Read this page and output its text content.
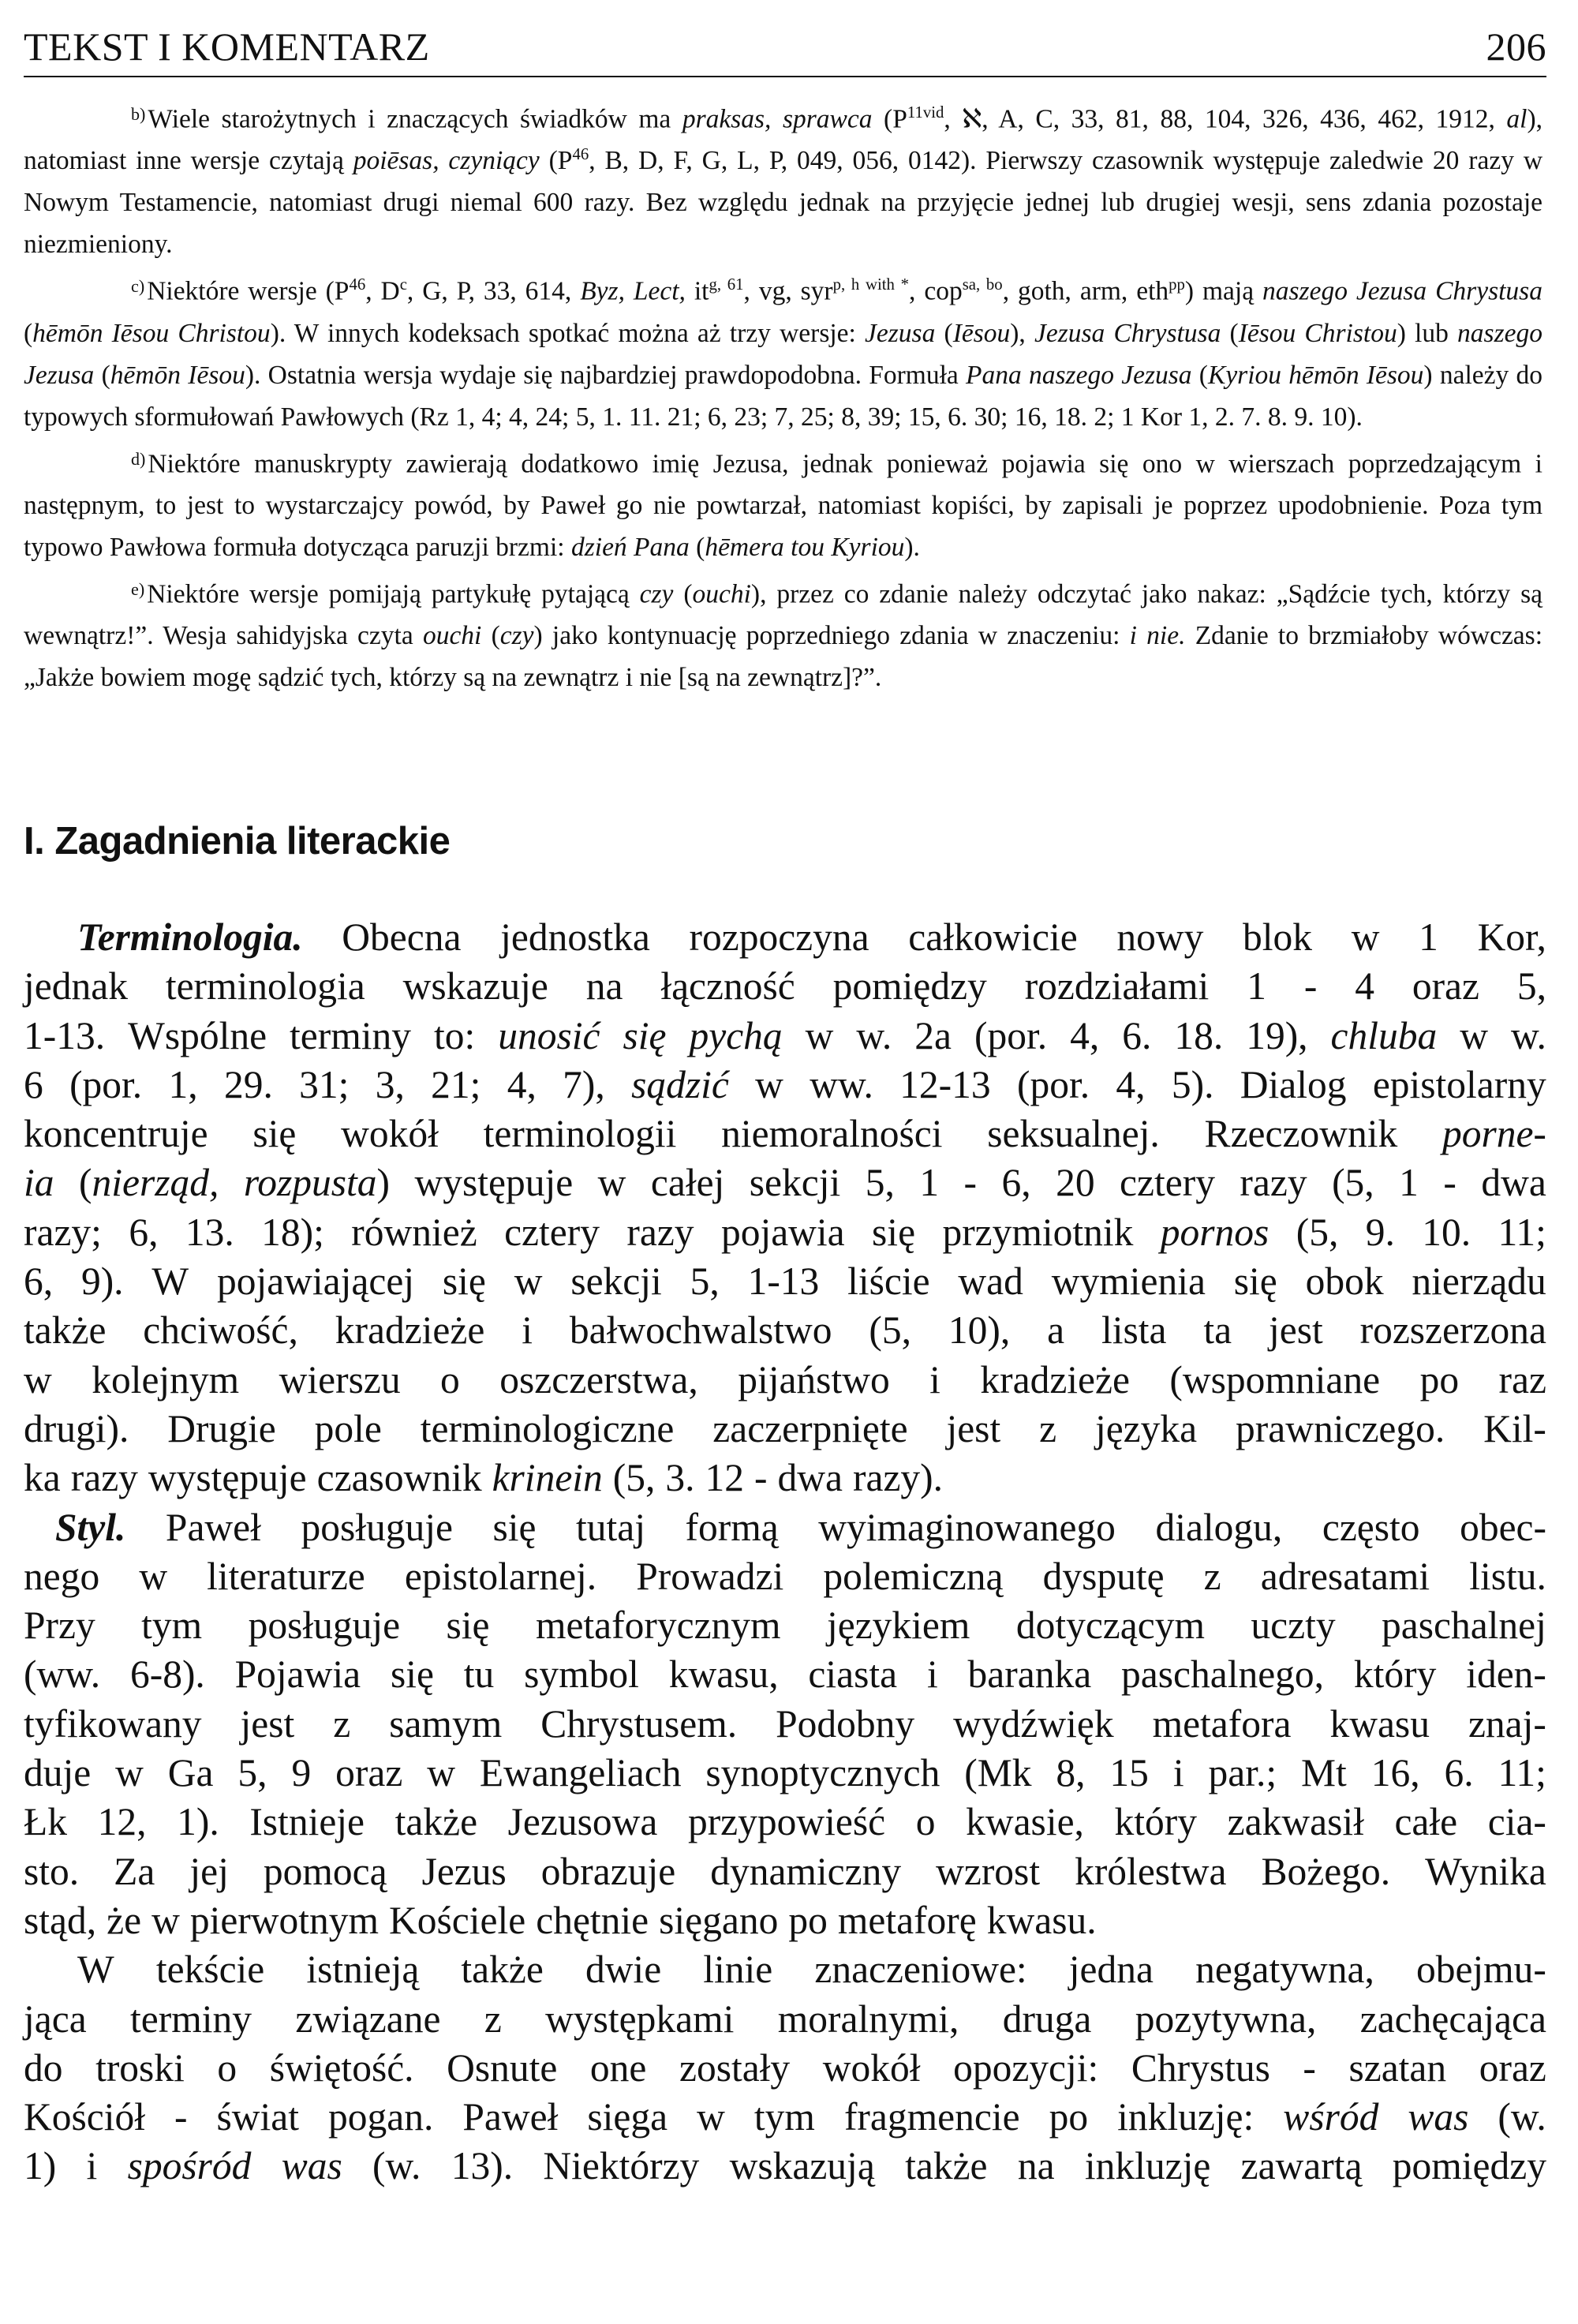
TEKST I KOMENTARZ	206

b)Wiele starożytnych i znaczących świadków ma praksas, sprawca ($P^{11vid}$, ℵ, A, C, 33, 81, 88, 104, 326, 436, 462, 1912, al), natomiast inne wersje czytają poiēsas, czyniący ($P^{46}$, B, D, F, G, L, P, 049, 056, 0142). Pierwszy czasownik występuje zaledwie 20 razy w Nowym Testamencie, natomiast drugi niemal 600 razy. Bez względu jednak na przyjęcie jednej lub drugiej wesji, sens zdania pozostaje niezmieniony.

c)Niektóre wersje ($P^{46}$, $D^c$, G, P, 33, 614, Byz, Lect, it$^{g, 61}$, vg, syr$^{p, h with *}$, cop$^{sa, bo}$, goth, arm, eth$^{pp}$) mają naszego Jezusa Chrystusa (hēmōn Iēsou Christou). W innych kodeksach spotkać można aż trzy wersje: Jezusa (Iēsou), Jezusa Chrystusa (Iēsou Christou) lub naszego Jezusa (hēmōn Iēsou). Ostatnia wersja wydaje się najbardziej prawdopodobna. Formuła Pana naszego Jezusa (Kyriou hēmōn Iēsou) należy do typowych sformułowań Pawłowych (Rz 1, 4; 4, 24; 5, 1. 11. 21; 6, 23; 7, 25; 8, 39; 15, 6. 30; 16, 18. 2; 1 Kor 1, 2. 7. 8. 9. 10).

d)Niektóre manuskrypty zawierają dodatkowo imię Jezusa, jednak ponieważ pojawia się ono w wierszach poprzedzającym i następnym, to jest to wystarczajcy powód, by Paweł go nie powtarzał, natomiast kopiści, by zapisali je poprzez upodobnienie. Poza tym typowo Pawłowa formuła dotycząca paruzji brzmi: dzień Pana (hēmera tou Kyriou).

e)Niektóre wersje pomijają partykułę pytającą czy (ouchi), przez co zdanie należy odczytać jako nakaz: „Sądźcie tych, którzy są wewnątrz!”. Wesja sahidyjska czyta ouchi (czy) jako kontynuację poprzedniego zdania w znaczeniu: i nie. Zdanie to brzmiałoby wówczas: „Jakże bowiem mogę sądzić tych, którzy są na zewnątrz i nie [są na zewnątrz]?”.

I. Zagadnienia literackie
Terminologia. Obecna jednostka rozpoczyna całkowicie nowy blok w 1 Kor,
jednak terminologia wskazuje na łączność pomiędzy rozdziałami 1 - 4 oraz 5,
1-13. Wspólne terminy to: unosić się pychą w w. 2a (por. 4, 6. 18. 19), chluba w w.
6 (por. 1, 29. 31; 3, 21; 4, 7), sądzić w ww. 12-13 (por. 4, 5). Dialog epistolarny
koncentruje się wokół terminologii niemoralności seksualnej. Rzeczownik porne-
ia (nierząd, rozpusta) występuje w całej sekcji 5, 1 - 6, 20 cztery razy (5, 1 - dwa
razy; 6, 13. 18); również cztery razy pojawia się przymiotnik pornos (5, 9. 10. 11;
6, 9). W pojawiającej się w sekcji 5, 1-13 liście wad wymienia się obok nierządu
także chciwość, kradzieże i bałwochwalstwo (5, 10), a lista ta jest rozszerzona
w kolejnym wierszu o oszczerstwa, pijaństwo i kradzieże (wspomniane po raz
drugi). Drugie pole terminologiczne zaczerpnięte jest z języka prawniczego. Kil-
ka razy występuje czasownik krinein (5, 3. 12 - dwa razy).
Styl. Paweł posługuje się tutaj formą wyimaginowanego dialogu, często obec-
nego w literaturze epistolarnej. Prowadzi polemiczną dysputę z adresatami listu.
Przy tym posługuje się metaforycznym językiem dotyczącym uczty paschalnej
(ww. 6-8). Pojawia się tu symbol kwasu, ciasta i baranka paschalnego, który iden-
tyfikowany jest z samym Chrystusem. Podobny wydźwięk metafora kwasu znaj-
duje w Ga 5, 9 oraz w Ewangeliach synoptycznych (Mk 8, 15 i par.; Mt 16, 6. 11;
Łk 12, 1). Istnieje także Jezusowa przypowieść o kwasie, który zakwasił całe cia-
sto. Za jej pomocą Jezus obrazuje dynamiczny wzrost królestwa Bożego. Wynika
stąd, że w pierwotnym Kościele chętnie sięgano po metaforę kwasu.
W tekście istnieją także dwie linie znaczeniowe: jedna negatywna, obejmu-
jąca terminy związane z występkami moralnymi, druga pozytywna, zachęcająca
do troski o świętość. Osnute one zostały wokół opozycji: Chrystus - szatan oraz
Kościół - świat pogan. Paweł sięga w tym fragmencie po inkluzję: wśród was (w.
1) i spośród was (w. 13). Niektórzy wskazują także na inkluzję zawartą pomiędzy
